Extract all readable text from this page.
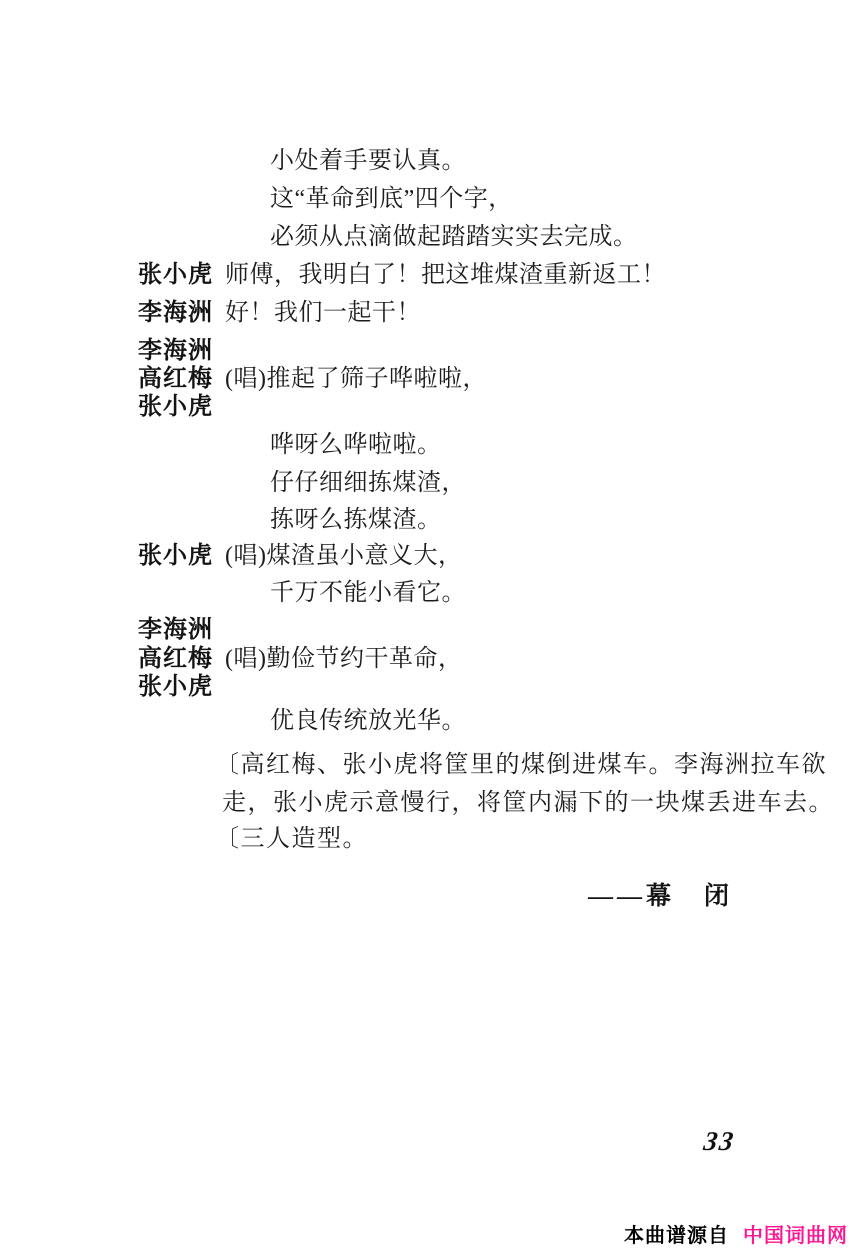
小处着手要认真。
这“革命到底”四个字，
必须从点滴做起踏踏实实去完成。
张小虎 师傅，我明白了！把这堆煤渣重新返工！
李海洲 好！我们一起干！
李海洲
高红梅
张小虎
(唱)推起了筛子哗啦啦，
哗呀么哗啦啦。
仔仔细细拣煤渣，
拣呀么拣煤渣。
张小虎 (唱)煤渣虽小意义大，
千万不能小看它。
李海洲
高红梅
张小虎
(唱)勤俭节约干革命，
优良传统放光华。
〔高红梅、张小虎将筐里的煤倒进煤车。李海洲拉车欲
走，张小虎示意慢行，将筐内漏下的一块煤丢进车去。
〔三人造型。
——幕　闭
33
本曲谱源自 中国词曲网
